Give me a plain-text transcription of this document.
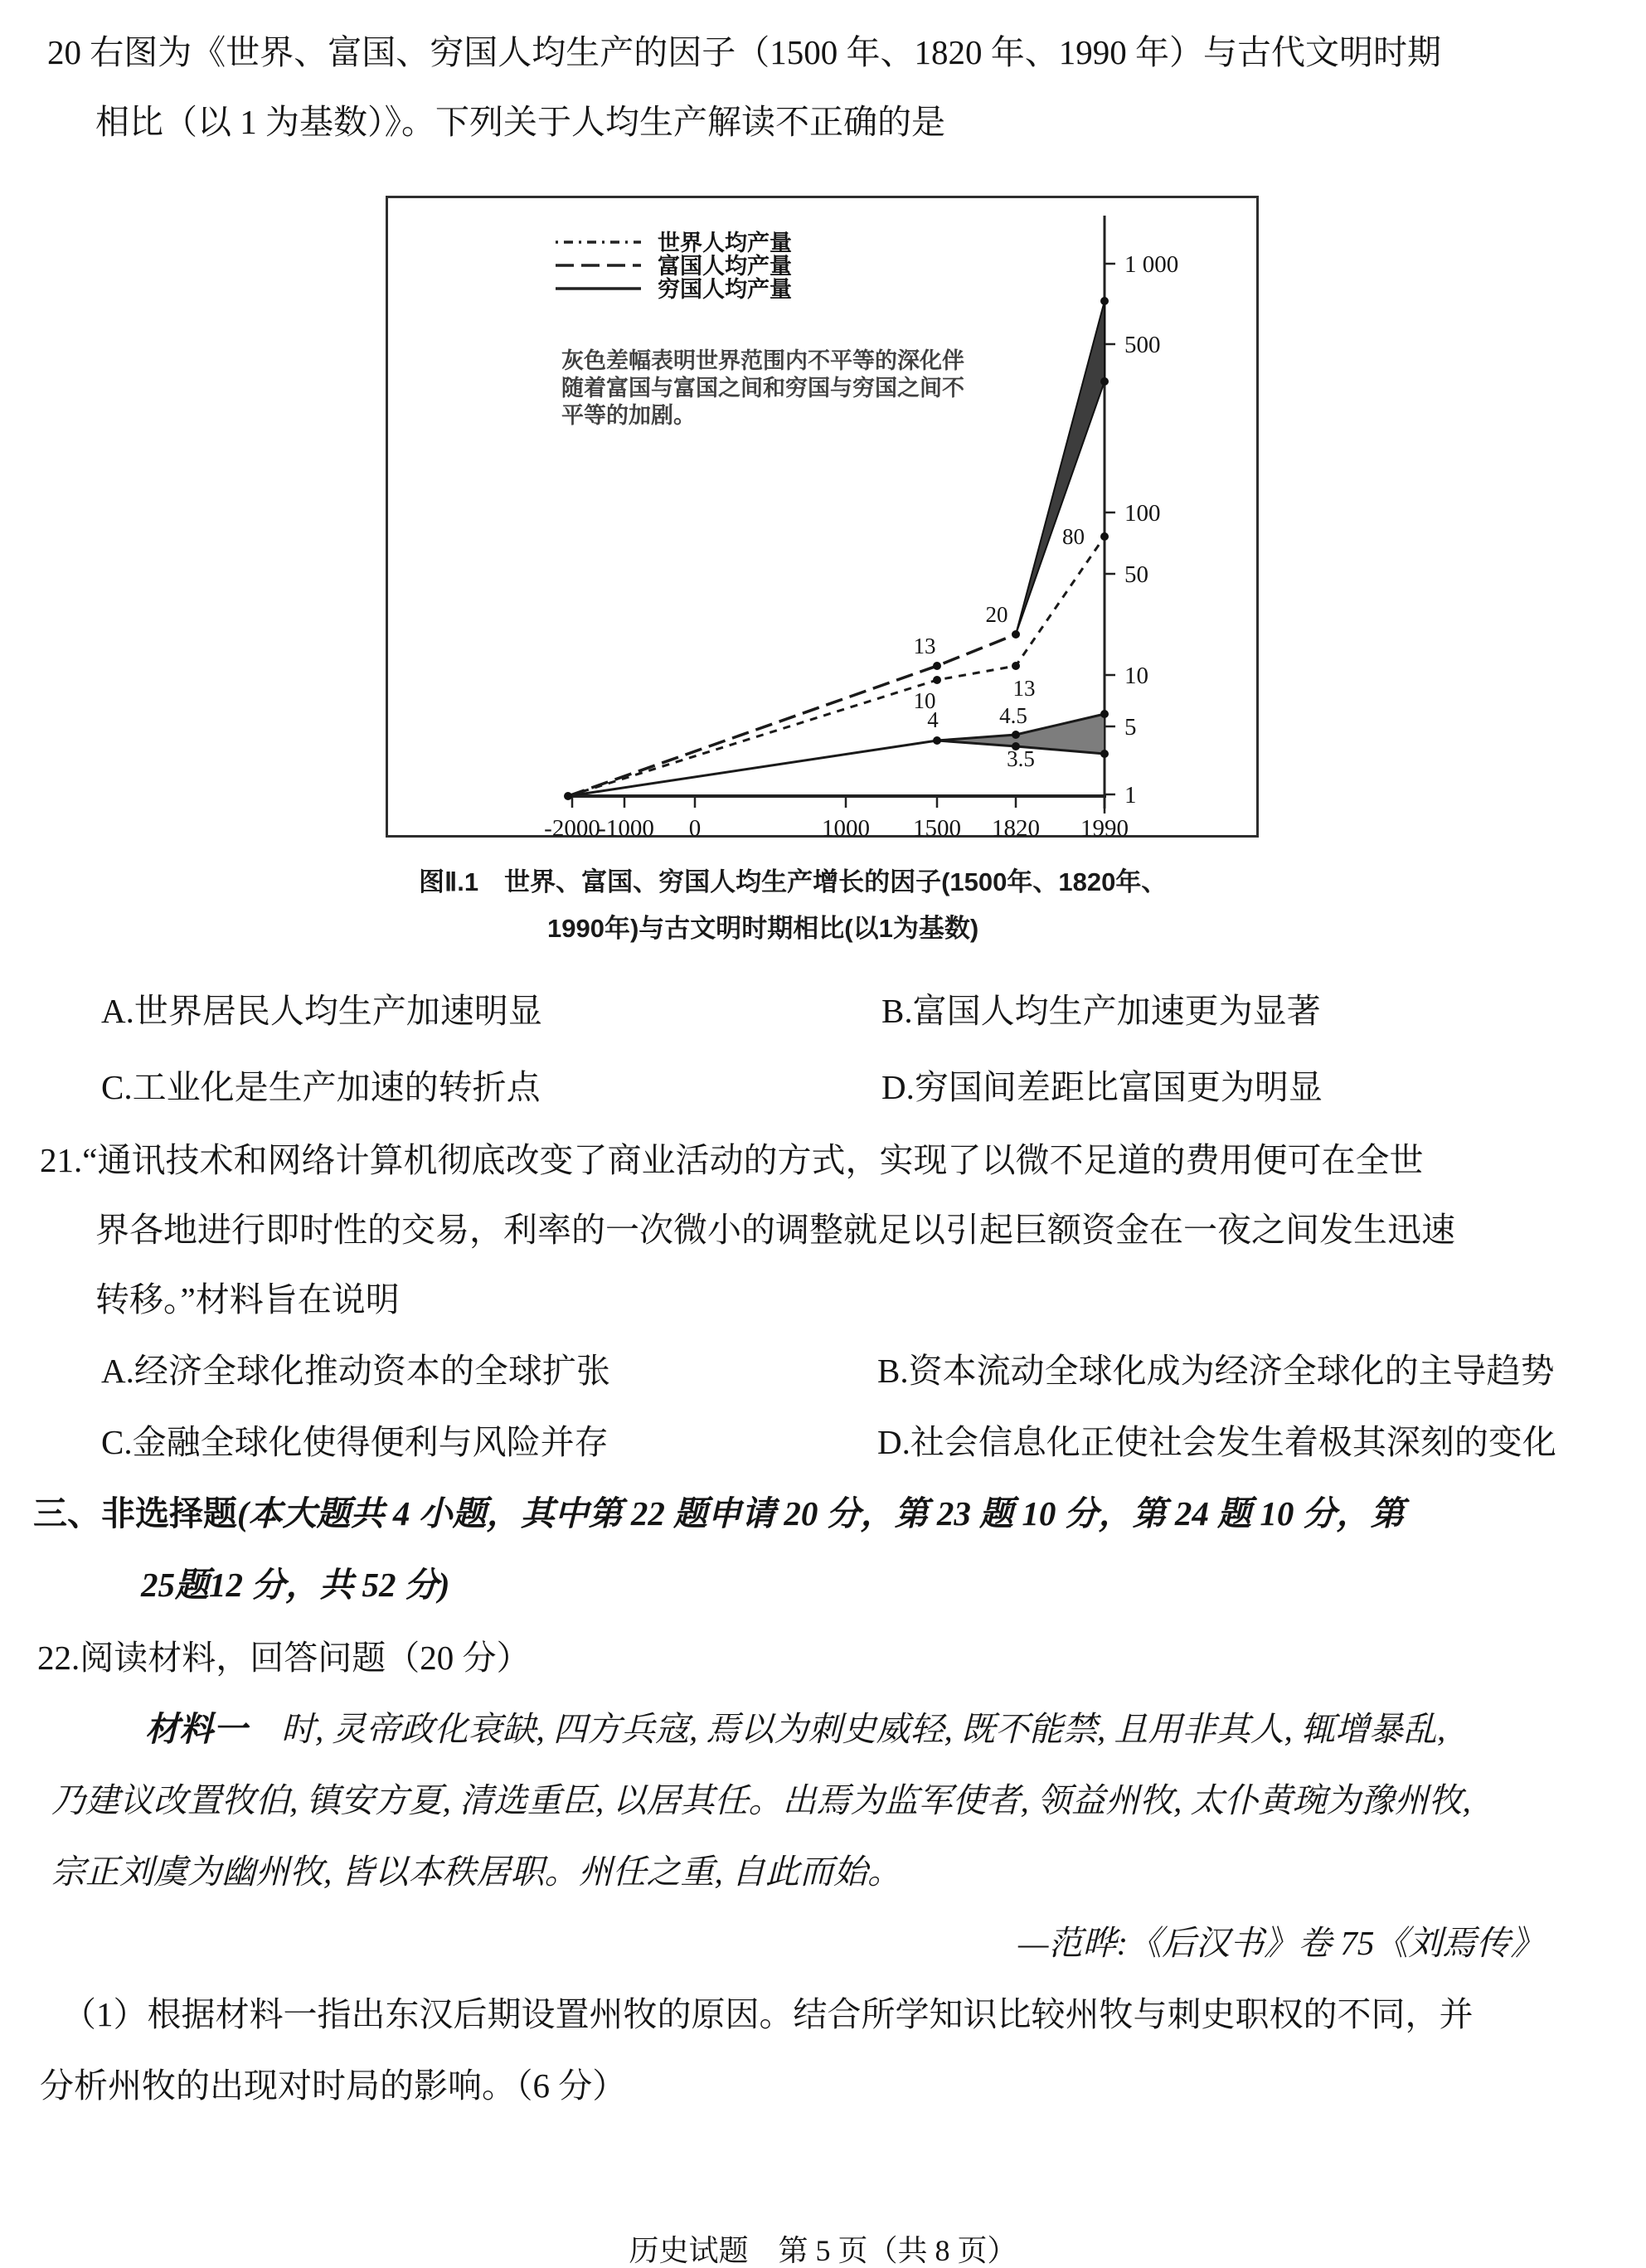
20 右图为《世界、富国、穷国人均生产的因子（1500 年、1820 年、1990 年）与古代文明时期
相比（以 1 为基数）》。下列关于人均生产解读不正确的是
世界人均产量
富国人均产量
穷国人均产量
灰色差幅表明世界范围内不平等的深化伴
随着富国与富国之间和穷国与穷国之间不
平等的加剧。
-2000
-1000 0	1000 1500 1820 1990
1 000
500
100
50
10
5
1
13
10
20
13
80
4	4.5
3.5
图Ⅱ.1　世界、富国、穷国人均生产增长的因子(1500年、1820年、
1990年)与古文明时期相比(以1为基数)
A.世界居民人均生产加速明显	B.富国人均生产加速更为显著
C.工业化是生产加速的转折点	D.穷国间差距比富国更为明显
21.“通讯技术和网络计算机彻底改变了商业活动的方式，实现了以微不足道的费用便可在全世
界各地进行即时性的交易，利率的一次微小的调整就足以引起巨额资金在一夜之间发生迅速
转移。”材料旨在说明
A.经济全球化推动资本的全球扩张	B.资本流动全球化成为经济全球化的主导趋势
C.金融全球化使得便利与风险并存	D.社会信息化正使社会发生着极其深刻的变化
三、非选择题(本大题共 4 小题，其中第 22 题申请 20 分，第 23 题 10 分，第 24 题 10 分，第
25题12 分，共 52 分)
22.阅读材料，回答问题（20 分）
材料一　 时, 灵帝政化衰缺, 四方兵寇, 焉以为刺史威轻, 既不能禁, 且用非其人, 辄增暴乱,
乃建议改置牧伯, 镇安方夏, 清选重臣, 以居其任。出焉为监军使者, 领益州牧, 太仆黄琬为豫州牧,
宗正刘虞为幽州牧, 皆以本秩居职。州任之重, 自此而始。
—范晔:《后汉书》卷 75《刘焉传》
（1）根据材料一指出东汉后期设置州牧的原因。结合所学知识比较州牧与刺史职权的不同，并
分析州牧的出现对时局的影响。（6 分）
历史试题　第 5 页（共 8 页）
